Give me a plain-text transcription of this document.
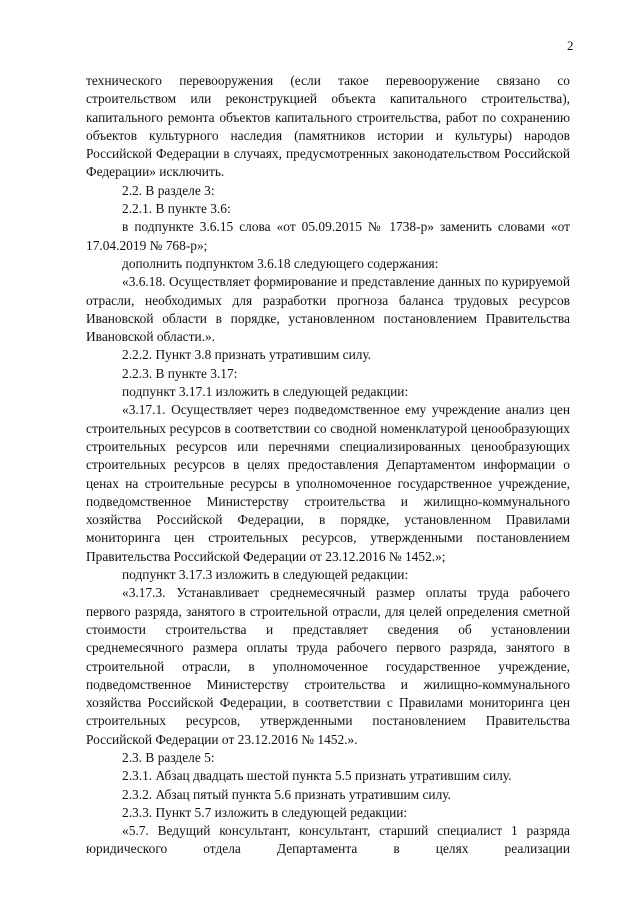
2

технического перевооружения (если такое перевооружение связано со строительством или реконструкцией объекта капитального строительства), капитального ремонта объектов капитального строительства, работ по сохранению объектов культурного наследия (памятников истории и культуры) народов Российской Федерации в случаях, предусмотренных законодательством Российской Федерации» исключить.

2.2. В разделе 3:

2.2.1. В пункте 3.6:

в подпункте 3.6.15 слова «от 05.09.2015 № 1738-р» заменить словами «от 17.04.2019 № 768-р»;

дополнить подпунктом 3.6.18 следующего содержания:

«3.6.18. Осуществляет формирование и представление данных по курируемой отрасли, необходимых для разработки прогноза баланса трудовых ресурсов Ивановской области в порядке, установленном постановлением Правительства Ивановской области.».

2.2.2. Пункт 3.8 признать утратившим силу.

2.2.3. В пункте 3.17:

подпункт 3.17.1 изложить в следующей редакции:

«3.17.1. Осуществляет через подведомственное ему учреждение анализ цен строительных ресурсов в соответствии со сводной номенклатурой ценообразующих строительных ресурсов или перечнями специализированных ценообразующих строительных ресурсов в целях предоставления Департаментом информации о ценах на строительные ресурсы в уполномоченное государственное учреждение, подведомственное Министерству строительства и жилищно-коммунального хозяйства Российской Федерации, в порядке, установленном Правилами мониторинга цен строительных ресурсов, утвержденными постановлением Правительства Российской Федерации от 23.12.2016 № 1452.»;

подпункт 3.17.3 изложить в следующей редакции:

«3.17.3. Устанавливает среднемесячный размер оплаты труда рабочего первого разряда, занятого в строительной отрасли, для целей определения сметной стоимости строительства и представляет сведения об установлении среднемесячного размера оплаты труда рабочего первого разряда, занятого в строительной отрасли, в уполномоченное государственное учреждение, подведомственное Министерству строительства и жилищно-коммунального хозяйства Российской Федерации, в соответствии с Правилами мониторинга цен строительных ресурсов, утвержденными постановлением Правительства Российской Федерации от 23.12.2016 № 1452.».

2.3. В разделе 5:

2.3.1. Абзац двадцать шестой пункта 5.5 признать утратившим силу.

2.3.2. Абзац пятый пункта 5.6 признать утратившим силу.

2.3.3. Пункт 5.7 изложить в следующей редакции:

«5.7. Ведущий консультант, консультант, старший специалист 1 разряда юридического отдела Департамента в целях реализации
